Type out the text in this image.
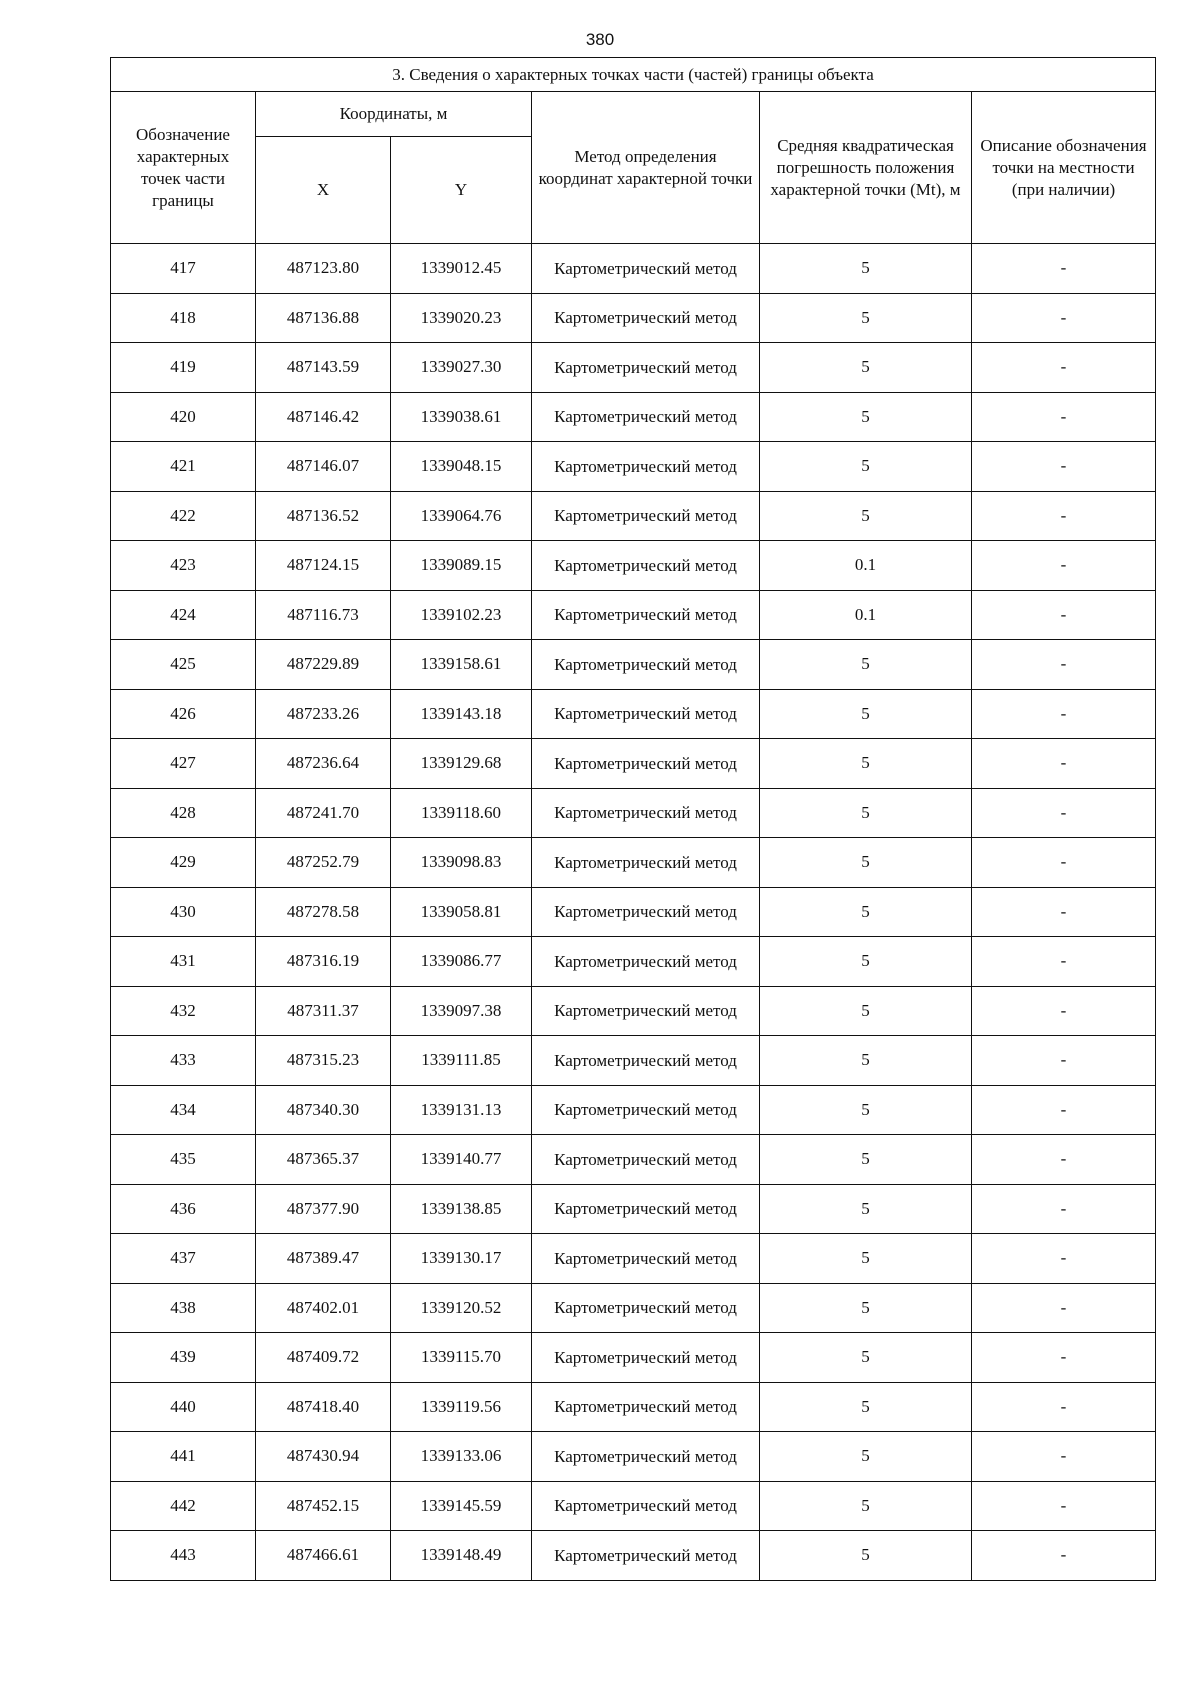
380
3. Сведения о характерных точках части (частей) границы объекта					
Обозначение характерных точек части границы	Координаты, м		Метод определения координат характерной точки	Средняя квадратическая погрешность положения характерной точки (Mt), м	Описание обозначения точки на местности (при наличии)
	X	Y			
417	487123.80	1339012.45	Картометрический метод	5	-
418	487136.88	1339020.23	Картометрический метод	5	-
419	487143.59	1339027.30	Картометрический метод	5	-
420	487146.42	1339038.61	Картометрический метод	5	-
421	487146.07	1339048.15	Картометрический метод	5	-
422	487136.52	1339064.76	Картометрический метод	5	-
423	487124.15	1339089.15	Картометрический метод	0.1	-
424	487116.73	1339102.23	Картометрический метод	0.1	-
425	487229.89	1339158.61	Картометрический метод	5	-
426	487233.26	1339143.18	Картометрический метод	5	-
427	487236.64	1339129.68	Картометрический метод	5	-
428	487241.70	1339118.60	Картометрический метод	5	-
429	487252.79	1339098.83	Картометрический метод	5	-
430	487278.58	1339058.81	Картометрический метод	5	-
431	487316.19	1339086.77	Картометрический метод	5	-
432	487311.37	1339097.38	Картометрический метод	5	-
433	487315.23	1339111.85	Картометрический метод	5	-
434	487340.30	1339131.13	Картометрический метод	5	-
435	487365.37	1339140.77	Картометрический метод	5	-
436	487377.90	1339138.85	Картометрический метод	5	-
437	487389.47	1339130.17	Картометрический метод	5	-
438	487402.01	1339120.52	Картометрический метод	5	-
439	487409.72	1339115.70	Картометрический метод	5	-
440	487418.40	1339119.56	Картометрический метод	5	-
441	487430.94	1339133.06	Картометрический метод	5	-
442	487452.15	1339145.59	Картометрический метод	5	-
443	487466.61	1339148.49	Картометрический метод	5	-
